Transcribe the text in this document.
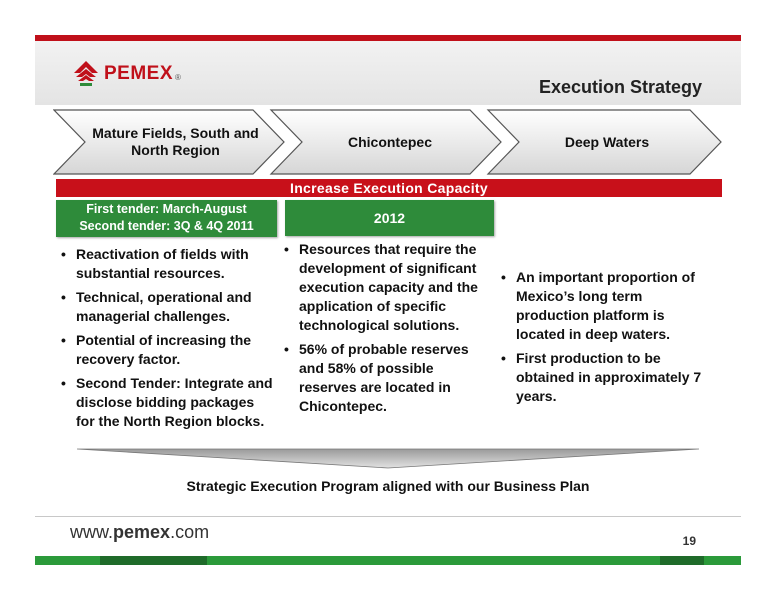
PEMEX ®	Execution Strategy
Mature Fields, South and North Region
Chicontepec	Deep Waters
Increase Execution Capacity
First tender: March-August
Second tender: 3Q & 4Q 2011	2012
• Reactivation of fields with substantial resources.
• Technical, operational and managerial challenges.
• Potential of increasing the recovery factor.
• Second Tender: Integrate and disclose bidding packages for the North Region blocks.
• Resources that require the development of significant execution capacity and the application of specific technological solutions.
• 56% of probable reserves and 58% of possible reserves are located in Chicontepec.
• An important proportion of Mexico’s long term production platform is located in deep waters.
• First production to be obtained in approximately 7 years.
Strategic Execution Program aligned with our Business Plan
www.pemex.com	19
